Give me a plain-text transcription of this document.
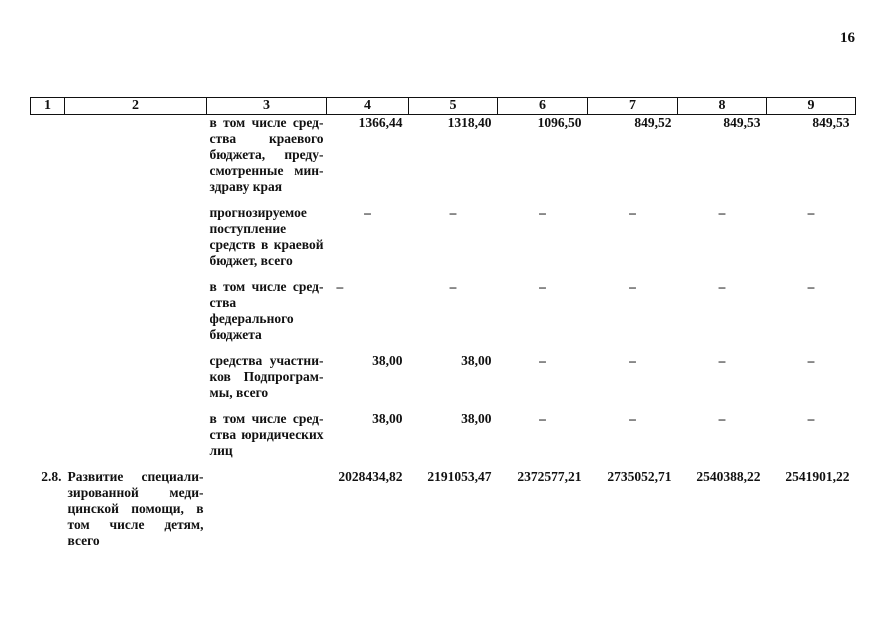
16
1	2	3	4	5	6	7	8	9
		в том числе сред-ства краевого бюджета, преду-смотренные мин-здраву края	1366,44	1318,40	1096,50	849,52	849,53	849,53
		прогнозируемое поступление средств в краевой бюджет, всего	–	–	–	–	–	–
		в том числе сред-ства федерального бюджета	–	–	–	–	–	–
		средства участни-ков Подпрограм-мы, всего	38,00	38,00	–	–	–	–
		в том числе сред-ства юридических лиц	38,00	38,00	–	–	–	–
2.8.	Развитие специали-зированной меди-цинской помощи, в том числе детям, всего		2028434,82	2191053,47	2372577,21	2735052,71	2540388,22	2541901,22
